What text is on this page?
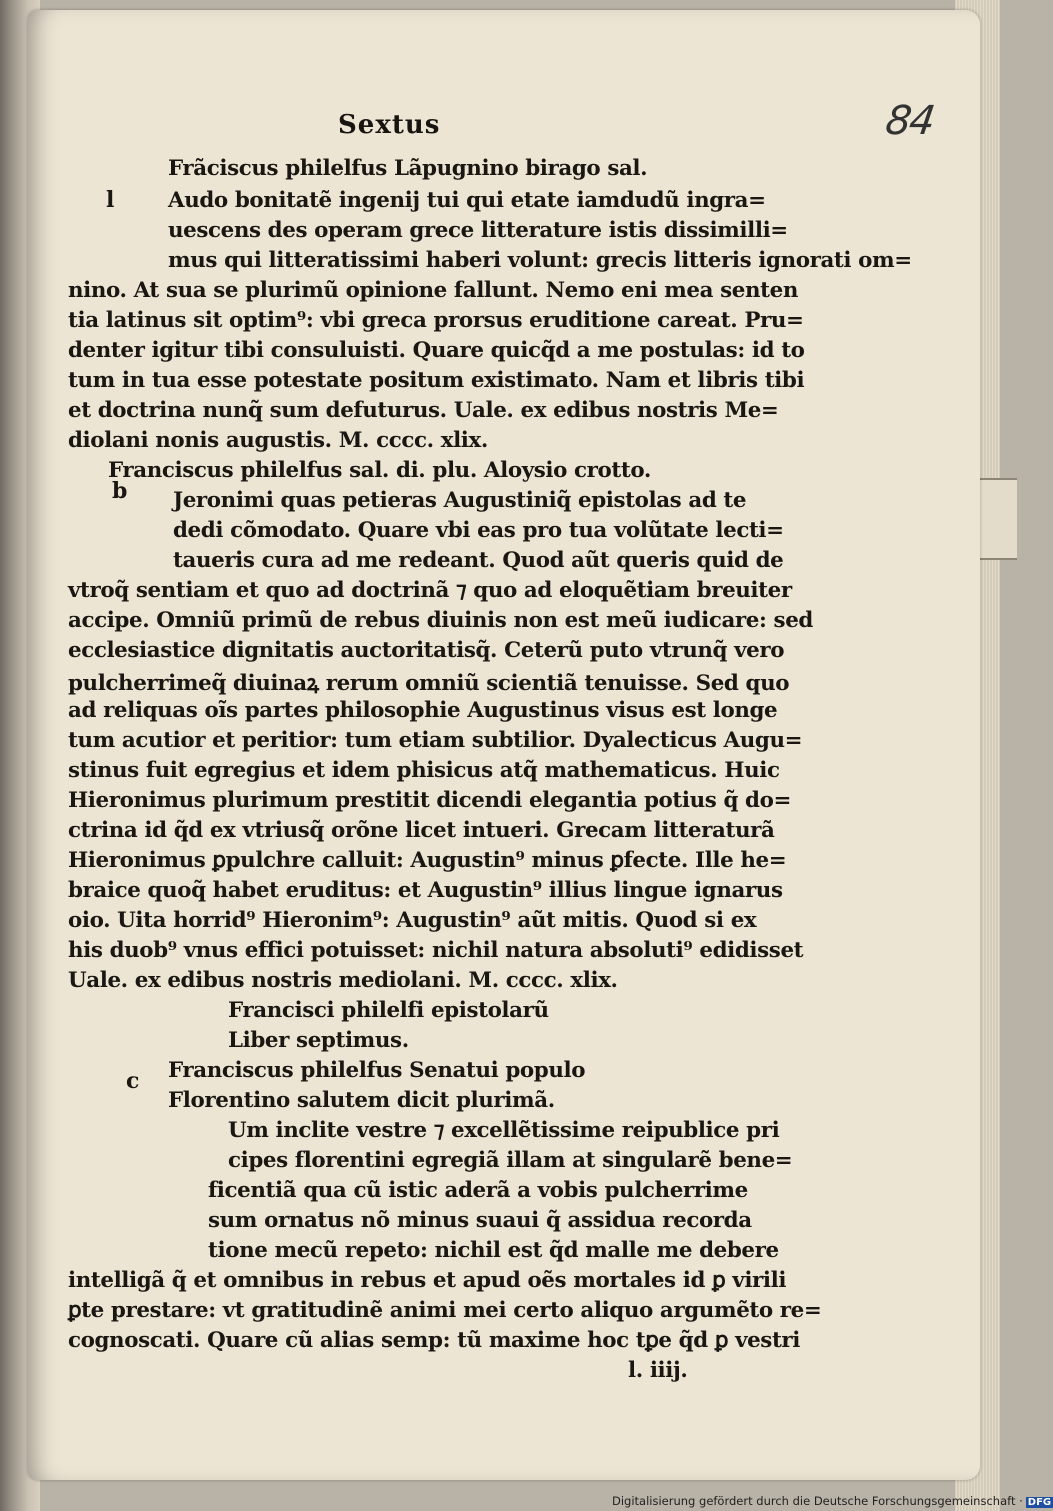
84
Sextus
l
b
c
Frãciscus philelfus Lãpugnino birago sal.
Audo bonitatẽ ingenij tui qui etate iamdudũ ingra=
uescens des operam grece litterature istis dissimilli=
mus qui litteratissimi haberi volunt: grecis litteris ignorati om=
nino. At sua se plurimũ opinione fallunt. Nemo eni mea senten
tia latinus sit optim⁹: vbi greca prorsus eruditione careat. Pru=
denter igitur tibi consuluisti. Quare quicq̃d a me postulas: id to
tum in tua esse potestate positum existimato. Nam et libris tibi
et doctrina nunq̃ sum defuturus. Uale. ex edibus nostris Me=
diolani nonis augustis. M. cccc. xlix.
Franciscus philelfus sal. di. plu. Aloysio crotto.
Jeronimi quas petieras Augustiniq̃ epistolas ad te
dedi cõmodato. Quare vbi eas pro tua volũtate lecti=
taueris cura ad me redeant. Quod aũt queris quid de
vtroq̃ sentiam et quo ad doctrinã ⁊ quo ad eloquẽtiam breuiter
accipe. Omniũ primũ de rebus diuinis non est meũ iudicare: sed
ecclesiastice dignitatis auctoritatisq̃. Ceterũ puto vtrunq̃ vero
pulcherrimeq̃ diuinaꝝ rerum omniũ scientiã tenuisse. Sed quo
ad reliquas oĩs partes philosophie Augustinus visus est longe
tum acutior et peritior: tum etiam subtilior. Dyalecticus Augu=
stinus fuit egregius et idem phisicus atq̃ mathematicus. Huic
Hieronimus plurimum prestitit dicendi elegantia potius q̃ do=
ctrina id q̃d ex vtriusq̃ orõne licet intueri. Grecam litteraturã
Hieronimus ꝑpulchre calluit: Augustin⁹ minus ꝑfecte. Ille he=
braice quoq̃ habet eruditus: et Augustin⁹ illius lingue ignarus
oio. Uita horrid⁹ Hieronim⁹: Augustin⁹ aũt mitis. Quod si ex
his duob⁹ vnus effici potuisset: nichil natura absoluti⁹ edidisset
Uale. ex edibus nostris mediolani. M. cccc. xlix.
Francisci philelfi epistolarũ
Liber septimus.
Franciscus philelfus Senatui populo
Florentino salutem dicit plurimã.
Um inclite vestre ⁊ excellẽtissime reipublice pri
cipes florentini egregiã illam at singularẽ bene=
ficentiã qua cũ istic aderã a vobis pulcherrime
sum ornatus nõ minus suaui q̃ assidua recorda
tione mecũ repeto: nichil est q̃d malle me debere
intelligã q̃ et omnibus in rebus et apud oẽs mortales id ꝑ virili
ꝑte prestare: vt gratitudinẽ animi mei certo aliquo argumẽto re=
cognoscati. Quare cũ alias semp: tũ maxime hoc tꝑe q̃d ꝑ vestri
l. iiij.
Digitalisierung gefördert durch die Deutsche Forschungsgemeinschaft · DFG
